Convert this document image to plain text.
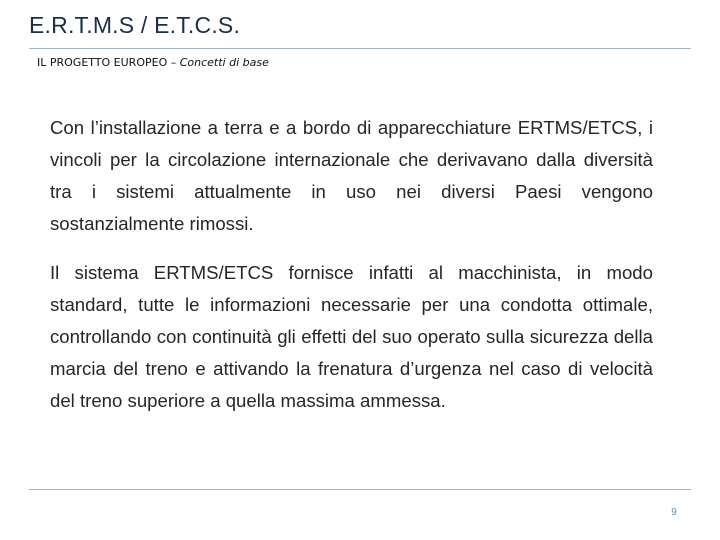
E.R.T.M.S / E.T.C.S.
IL PROGETTO EUROPEO – Concetti di base

Con l’installazione a terra e a bordo di apparecchiature ERTMS/ETCS, i vincoli per la circolazione internazionale che derivavano dalla diversità tra i sistemi attualmente in uso nei diversi Paesi vengono sostanzialmente rimossi.

Il sistema ERTMS/ETCS fornisce infatti al macchinista, in modo standard, tutte le informazioni necessarie per una condotta ottimale, controllando con continuità gli effetti del suo operato sulla sicurezza della marcia del treno e attivando la frenatura d’urgenza nel caso di velocità del treno superiore a quella massima ammessa.

9
